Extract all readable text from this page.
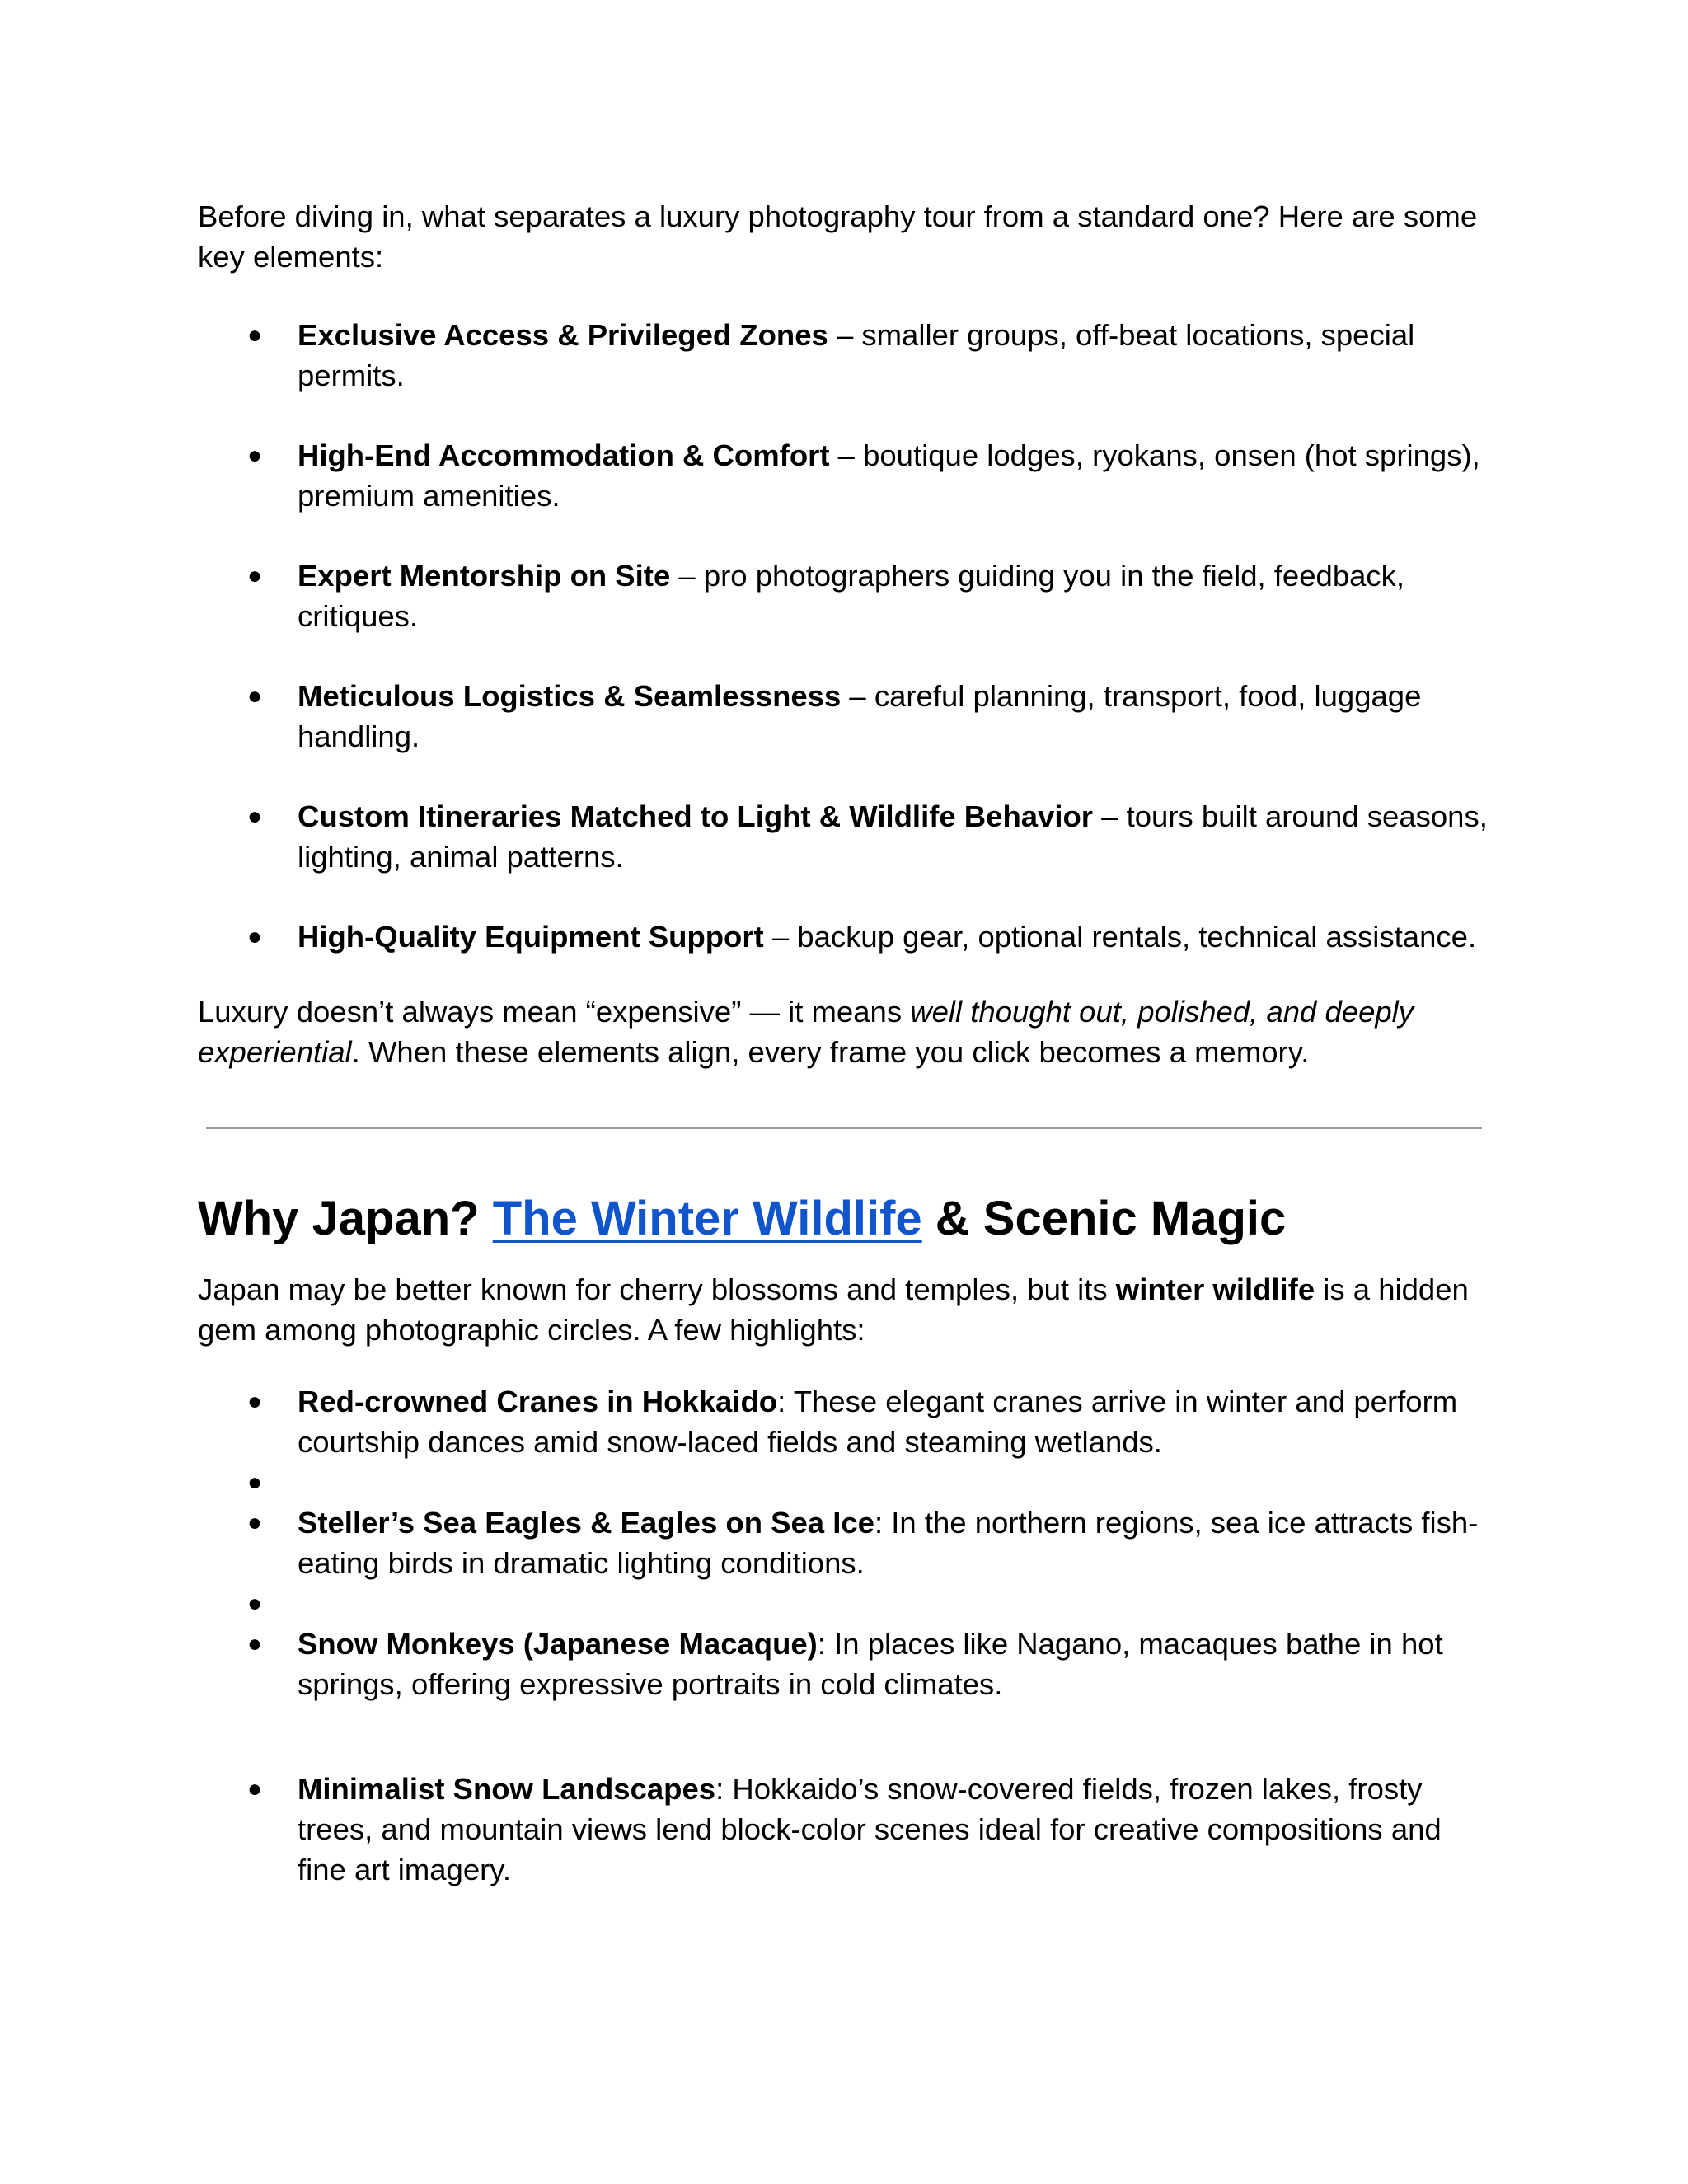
Before diving in, what separates a luxury photography tour from a standard one? Here are some key elements:

●	Exclusive Access & Privileged Zones – smaller groups, off-beat locations, special permits.
●	High-End Accommodation & Comfort – boutique lodges, ryokans, onsen (hot springs), premium amenities.
●	Expert Mentorship on Site – pro photographers guiding you in the field, feedback, critiques.
●	Meticulous Logistics & Seamlessness – careful planning, transport, food, luggage handling.
●	Custom Itineraries Matched to Light & Wildlife Behavior – tours built around seasons, lighting, animal patterns.
●	High-Quality Equipment Support – backup gear, optional rentals, technical assistance.

Luxury doesn’t always mean “expensive” — it means well thought out, polished, and deeply experiential. When these elements align, every frame you click becomes a memory.

Why Japan? The Winter Wildlife & Scenic Magic

Japan may be better known for cherry blossoms and temples, but its winter wildlife is a hidden gem among photographic circles. A few highlights:

●	Red-crowned Cranes in Hokkaido: These elegant cranes arrive in winter and perform courtship dances amid snow-laced fields and steaming wetlands.
●
●	Steller’s Sea Eagles & Eagles on Sea Ice: In the northern regions, sea ice attracts fish-eating birds in dramatic lighting conditions.
●
●	Snow Monkeys (Japanese Macaque): In places like Nagano, macaques bathe in hot springs, offering expressive portraits in cold climates.
●	Minimalist Snow Landscapes: Hokkaido’s snow-covered fields, frozen lakes, frosty trees, and mountain views lend block-color scenes ideal for creative compositions and fine art imagery.
